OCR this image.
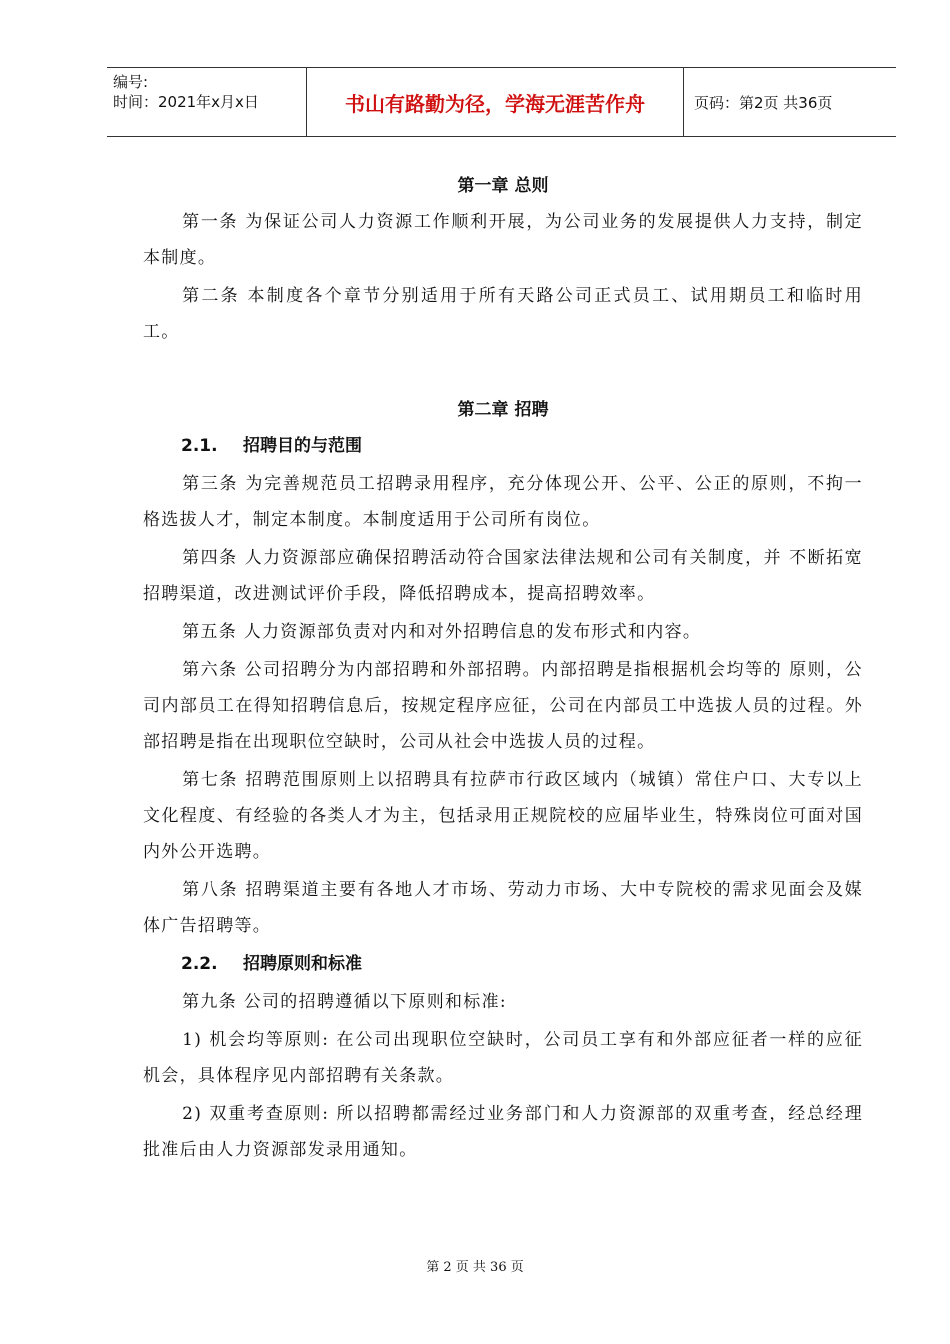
编号:
时间：2021年x月x日	书山有路勤为径，学海无涯苦作舟	页码：第2页 共36页
第一章 总则

第一条 为保证公司人力资源工作顺利开展，为公司业务的发展提供人力支持，制定本制度。

第二条 本制度各个章节分别适用于所有天路公司正式员工、试用期员工和临时用工。

第二章 招聘
2.1. 招聘目的与范围

第三条 为完善规范员工招聘录用程序，充分体现公开、公平、公正的原则，不拘一格选拔人才，制定本制度。本制度适用于公司所有岗位。

第四条 人力资源部应确保招聘活动符合国家法律法规和公司有关制度，并 不断拓宽招聘渠道，改进测试评价手段，降低招聘成本，提高招聘效率。

第五条 人力资源部负责对内和对外招聘信息的发布形式和内容。

第六条 公司招聘分为内部招聘和外部招聘。内部招聘是指根据机会均等的 原则，公司内部员工在得知招聘信息后，按规定程序应征，公司在内部员工中选拔人员的过程。外部招聘是指在出现职位空缺时，公司从社会中选拔人员的过程。

第七条 招聘范围原则上以招聘具有拉萨市行政区域内（城镇）常住户口、大专以上文化程度、有经验的各类人才为主，包括录用正规院校的应届毕业生，特殊岗位可面对国内外公开选聘。

第八条 招聘渠道主要有各地人才市场、劳动力市场、大中专院校的需求见面会及媒体广告招聘等。

2.2. 招聘原则和标准

第九条 公司的招聘遵循以下原则和标准:

1) 机会均等原则: 在公司出现职位空缺时，公司员工享有和外部应征者一样的应征机会，具体程序见内部招聘有关条款。

2) 双重考查原则: 所以招聘都需经过业务部门和人力资源部的双重考查，经总经理批准后由人力资源部发录用通知。

第 2 页 共 36 页
